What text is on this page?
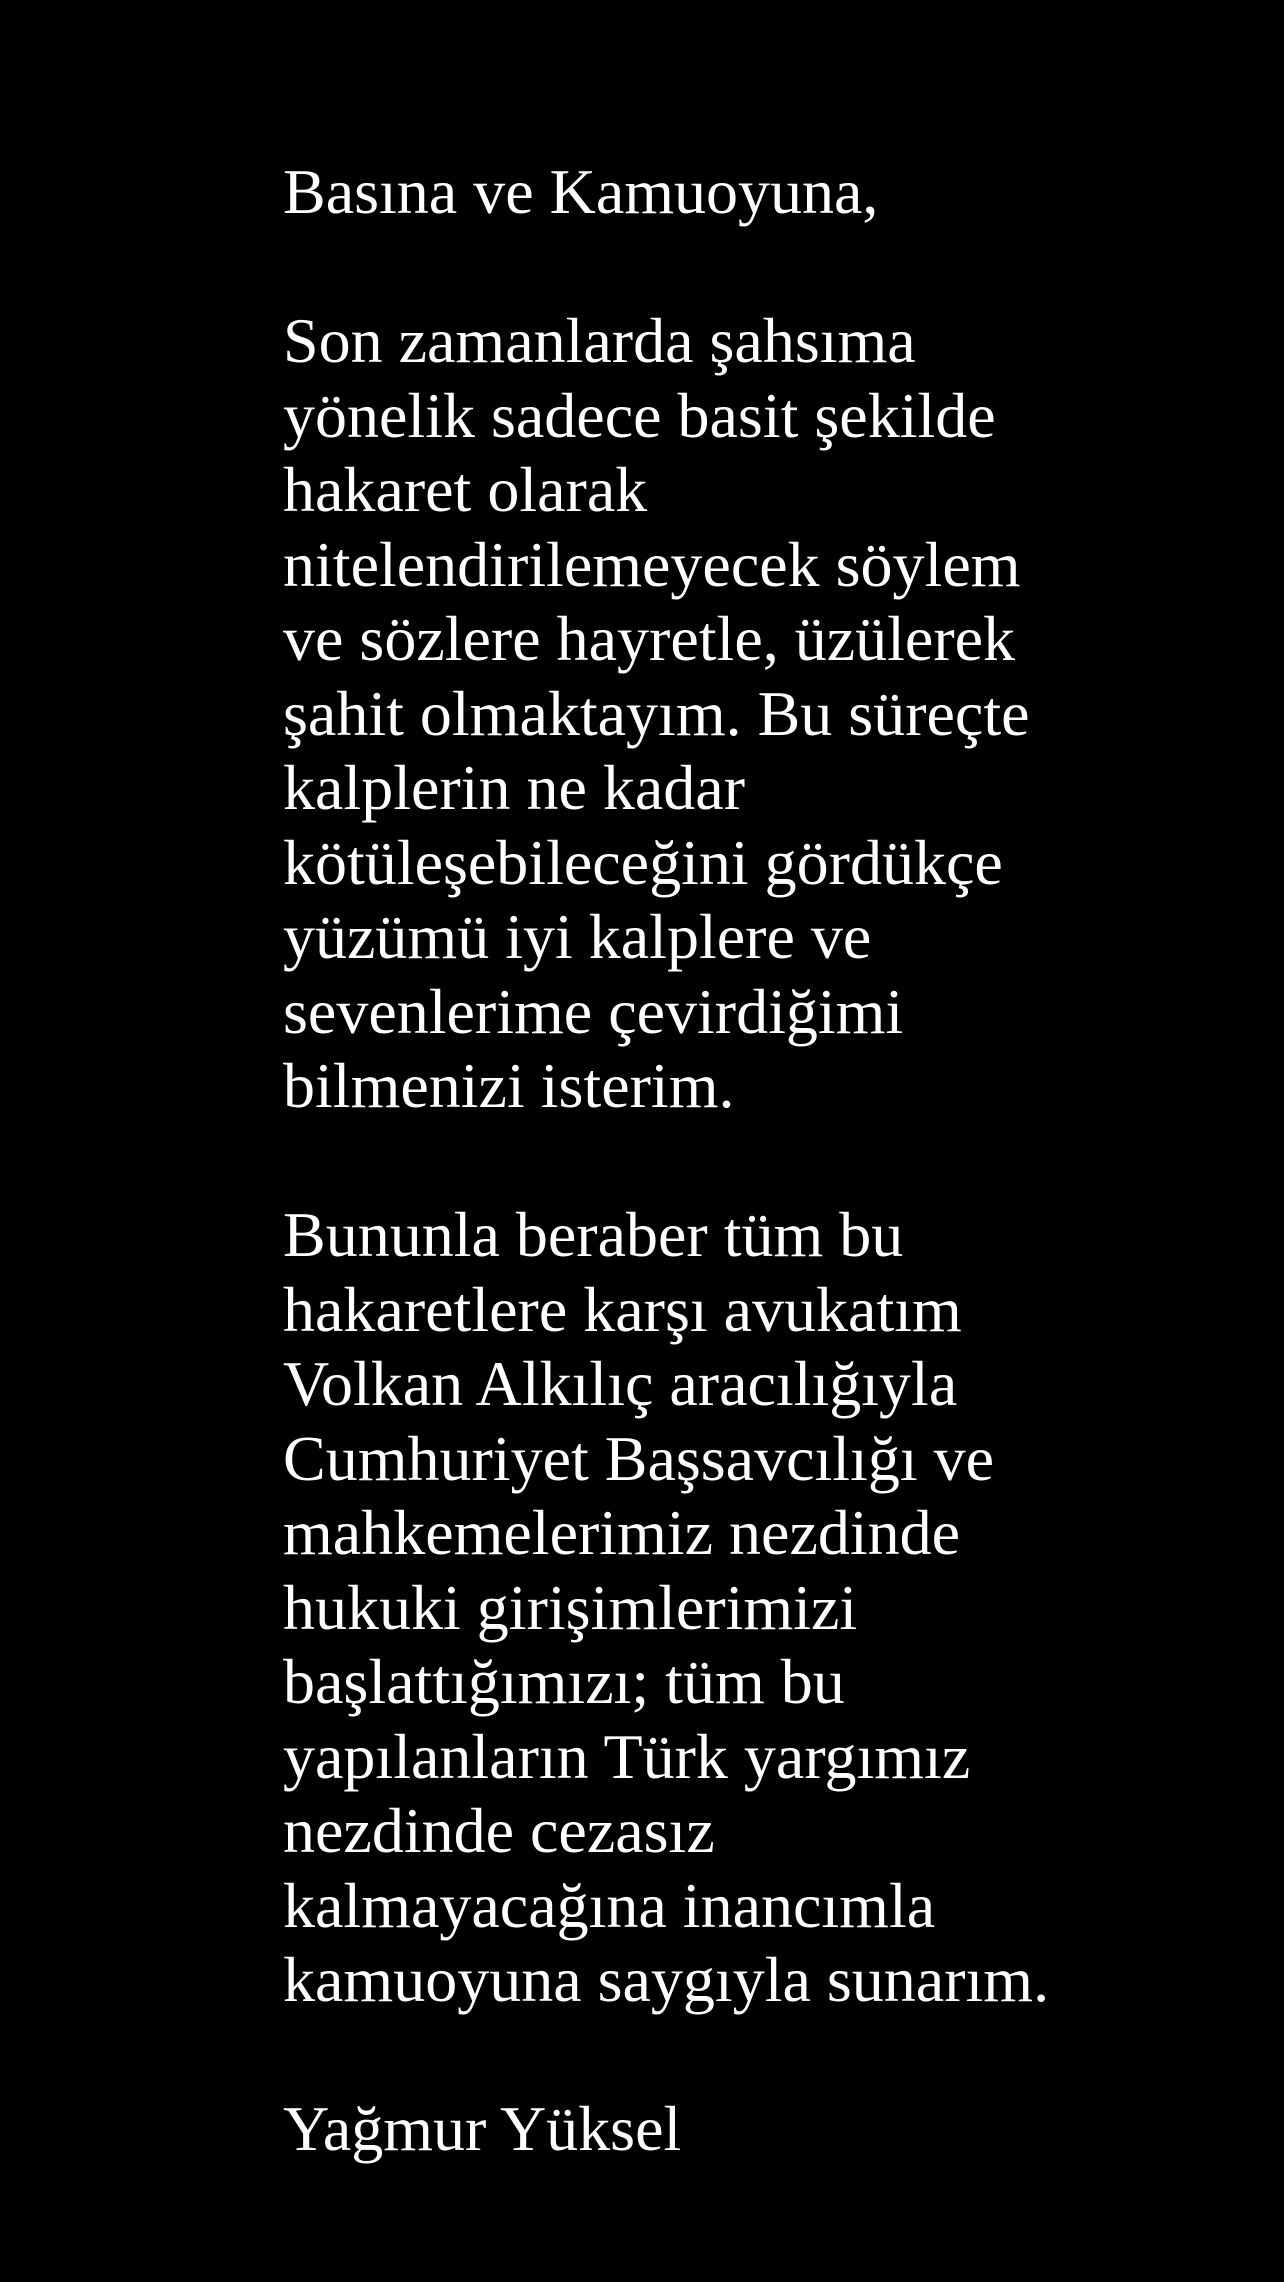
Basına ve Kamuoyuna,

Son zamanlarda şahsıma
yönelik sadece basit şekilde
hakaret olarak
nitelendirilemeyecek söylem
ve sözlere hayretle, üzülerek
şahit olmaktayım. Bu süreçte
kalplerin ne kadar
kötüleşebileceğini gördükçe
yüzümü iyi kalplere ve
sevenlerime çevirdiğimi
bilmenizi isterim.

Bununla beraber tüm bu
hakaretlere karşı avukatım
Volkan Alkılıç aracılığıyla
Cumhuriyet Başsavcılığı ve
mahkemelerimiz nezdinde
hukuki girişimlerimizi
başlattığımızı; tüm bu
yapılanların Türk yargımız
nezdinde cezasız
kalmayacağına inancımla
kamuoyuna saygıyla sunarım.

Yağmur Yüksel
